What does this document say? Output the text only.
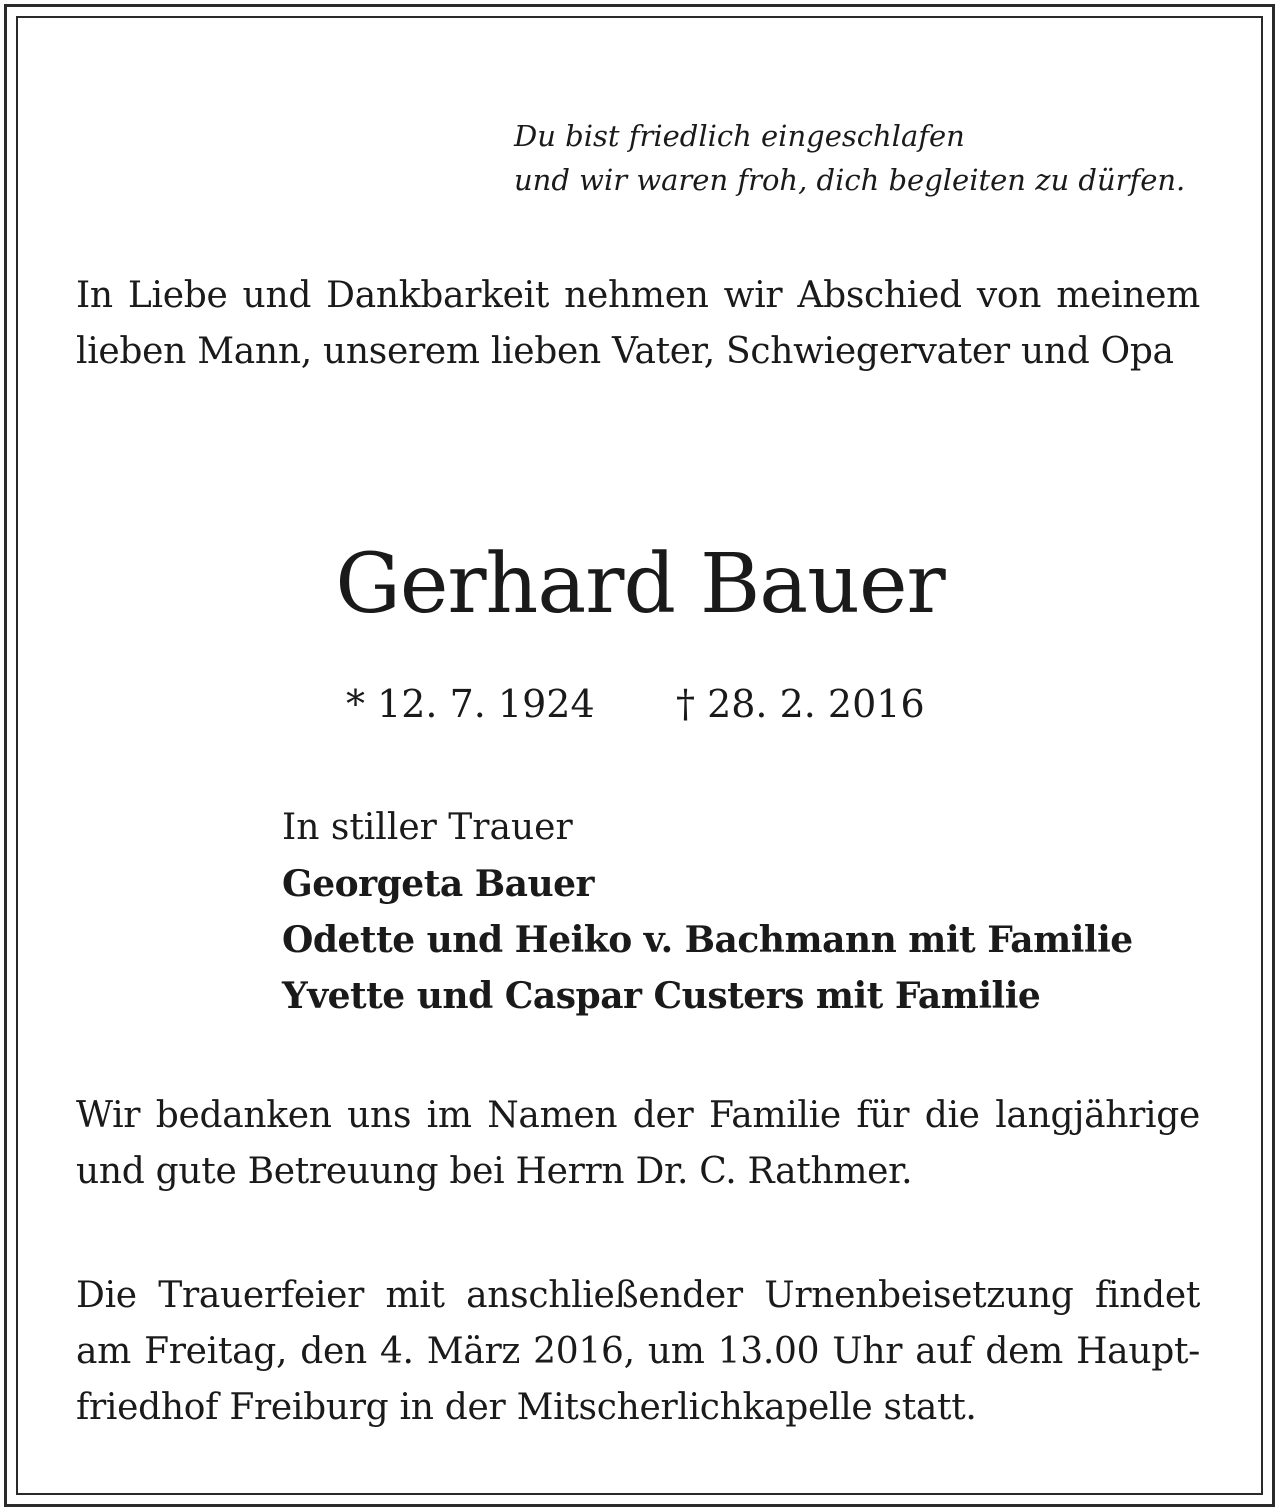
Du bist friedlich eingeschlafen
und wir waren froh, dich begleiten zu dürfen.
In Liebe und Dankbarkeit nehmen wir Abschied von meinem lieben Mann, unserem lieben Vater, Schwiegervater und Opa
Gerhard Bauer
* 12. 7. 1924 † 28. 2. 2016
In stiller Trauer
Georgeta Bauer
Odette und Heiko v. Bachmann mit Familie
Yvette und Caspar Custers mit Familie
Wir bedanken uns im Namen der Familie für die langjährige und gute Betreuung bei Herrn Dr. C. Rathmer.
Die Trauerfeier mit anschließender Urnenbeisetzung findet
am Freitag, den 4. März 2016, um 13.00 Uhr auf dem Haupt-
friedhof Freiburg in der Mitscherlichkapelle statt.
